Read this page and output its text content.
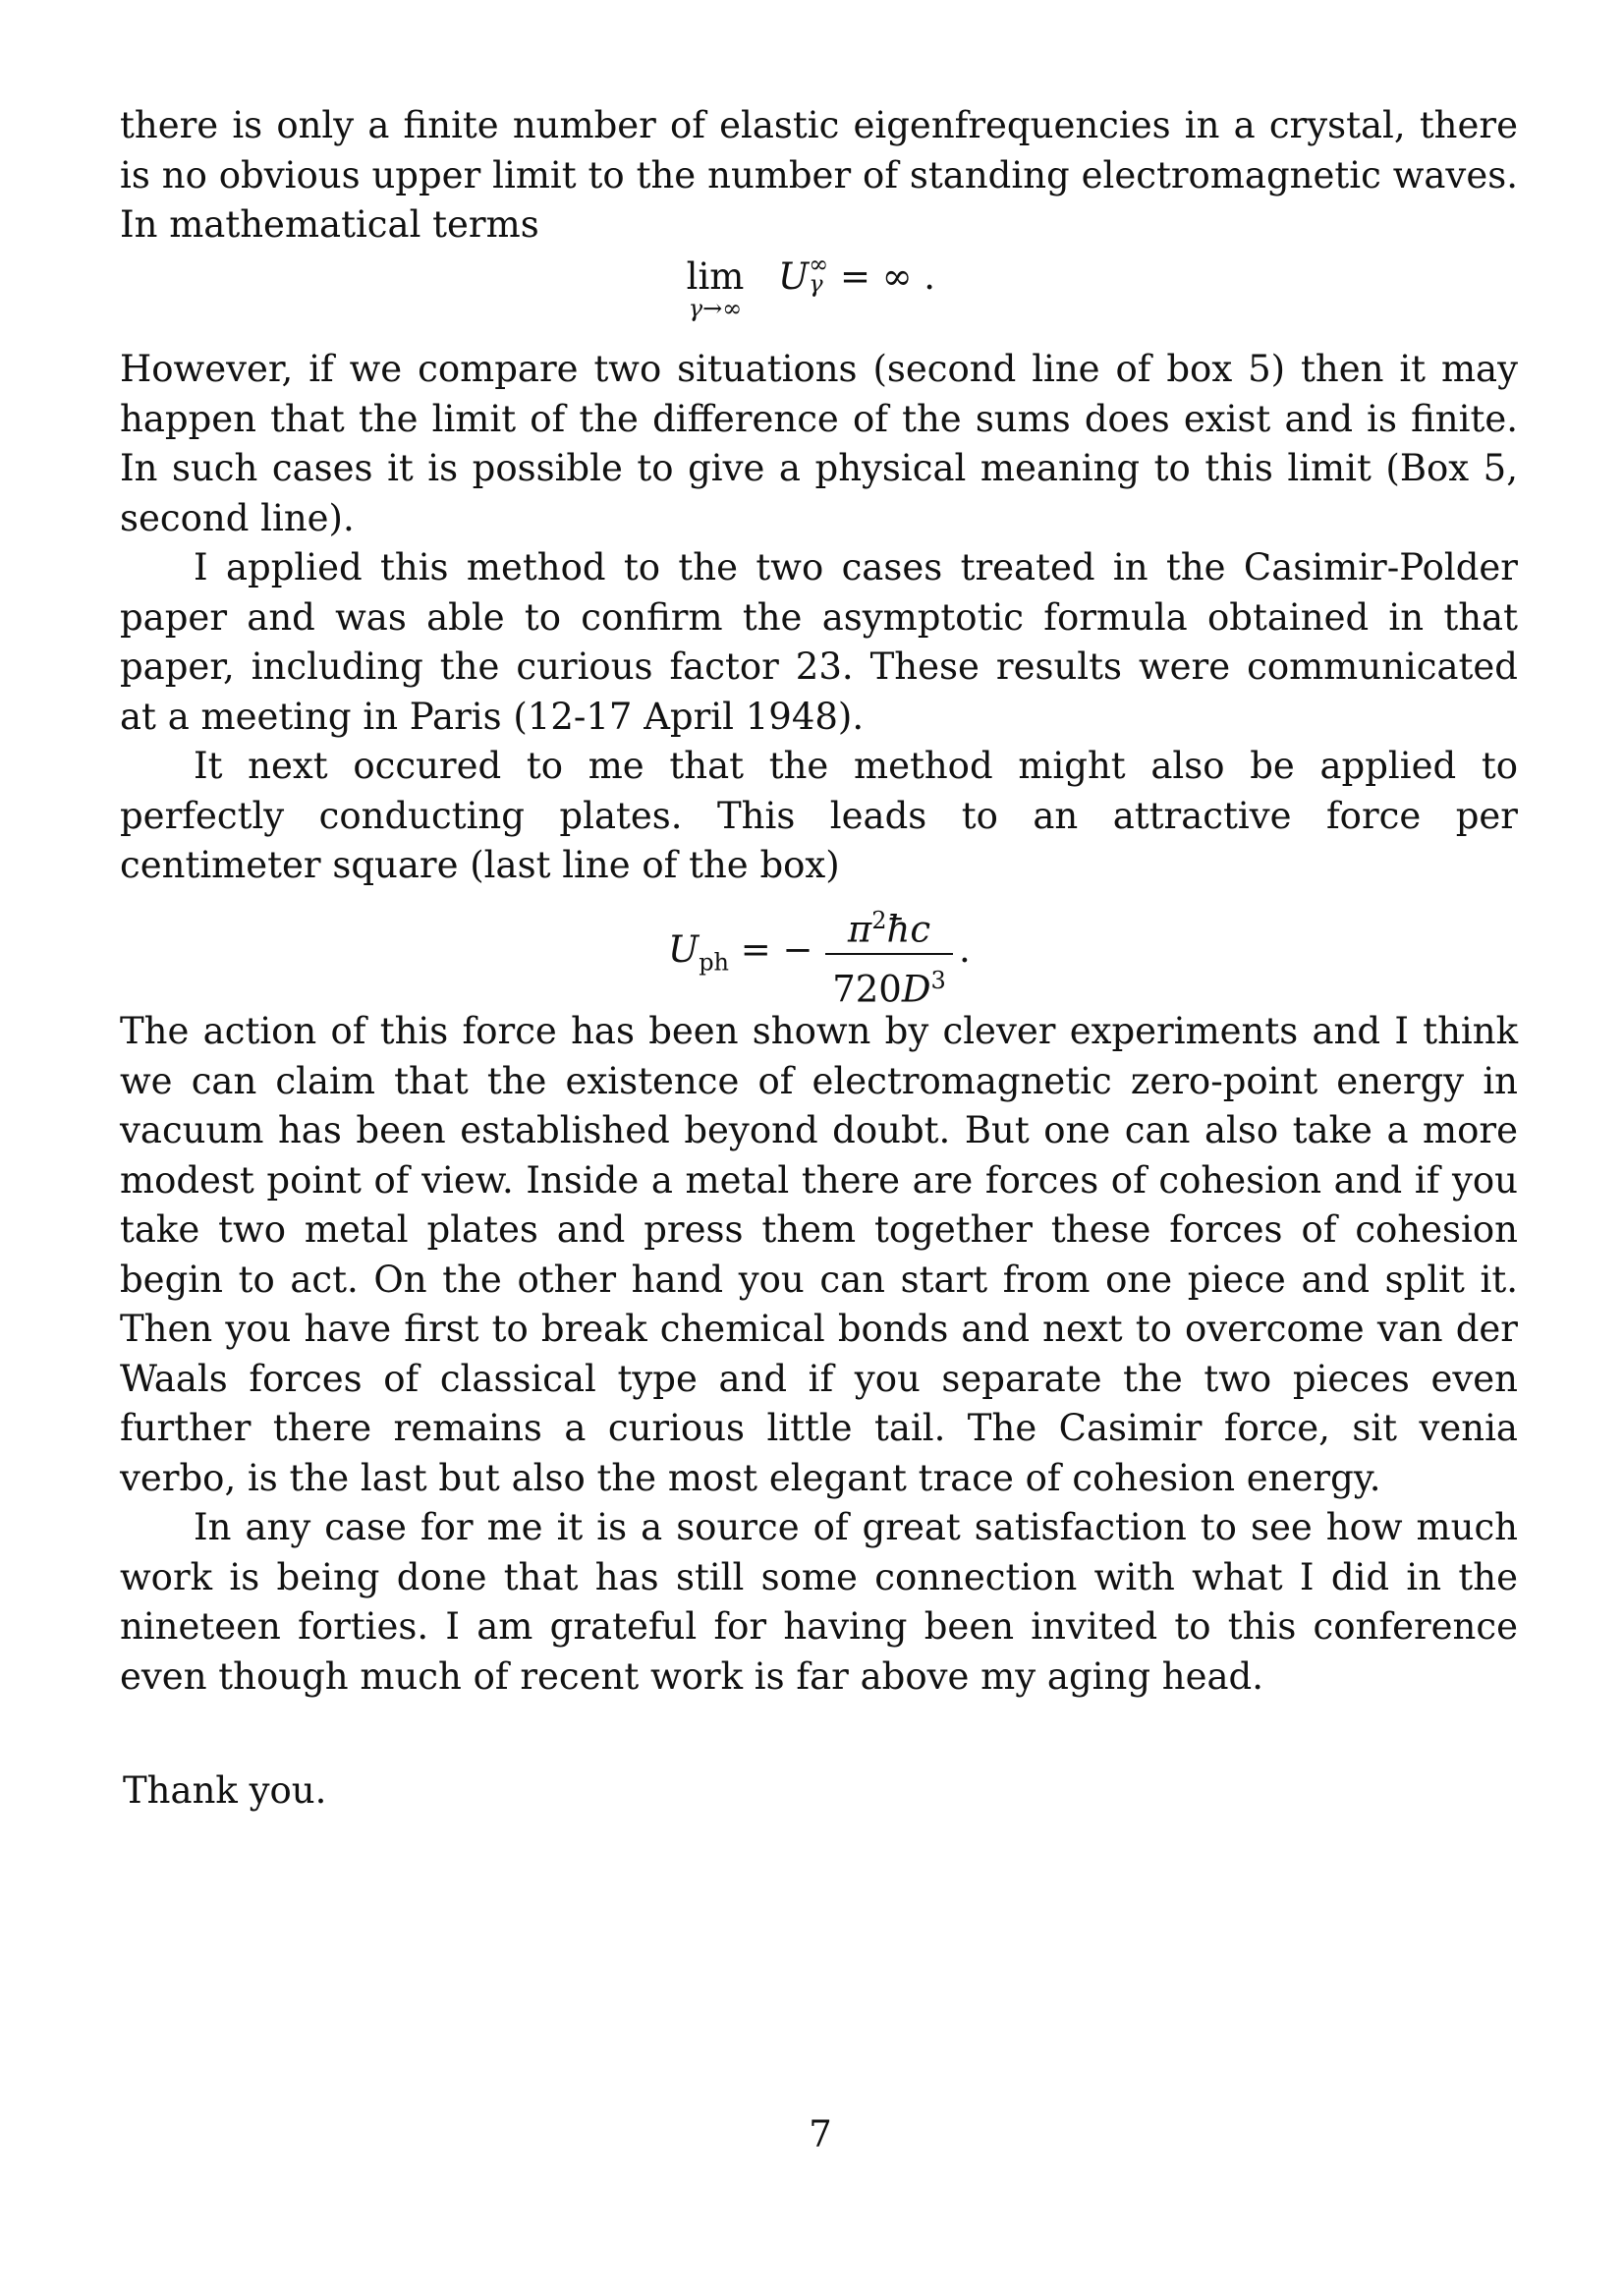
there is only a finite number of elastic eigenfrequencies in a crystal, there is no obvious upper limit to the number of standing electromagnetic waves. In mathematical terms

lim
γ→∞
U ∞
γ = ∞ .

However, if we compare two situations (second line of box 5) then it may happen that the limit of the difference of the sums does exist and is finite. In such cases it is possible to give a physical meaning to this limit (Box 5, second line).

I applied this method to the two cases treated in the Casimir-Polder paper and was able to confirm the asymptotic formula obtained in that paper, including the curious factor 23. These results were communicated at a meeting in Paris (12-17 April 1948).

It next occured to me that the method might also be applied to perfectly conducting plates. This leads to an attractive force per centimeter square (last line of the box)

$U_{ph}$ = − $\pi^2ħc$
$720D^3$
.

The action of this force has been shown by clever experiments and I think we can claim that the existence of electromagnetic zero-point energy in vacuum has been established beyond doubt. But one can also take a more modest point of view. Inside a metal there are forces of cohesion and if you take two metal plates and press them together these forces of cohesion begin to act. On the other hand you can start from one piece and split it. Then you have first to break chemical bonds and next to overcome van der Waals forces of classical type and if you separate the two pieces even further there remains a curious little tail. The Casimir force, sit venia verbo, is the last but also the most elegant trace of cohesion energy.

In any case for me it is a source of great satisfaction to see how much work is being done that has still some connection with what I did in the nineteen forties. I am grateful for having been invited to this conference even though much of recent work is far above my aging head.

Thank you.
7
